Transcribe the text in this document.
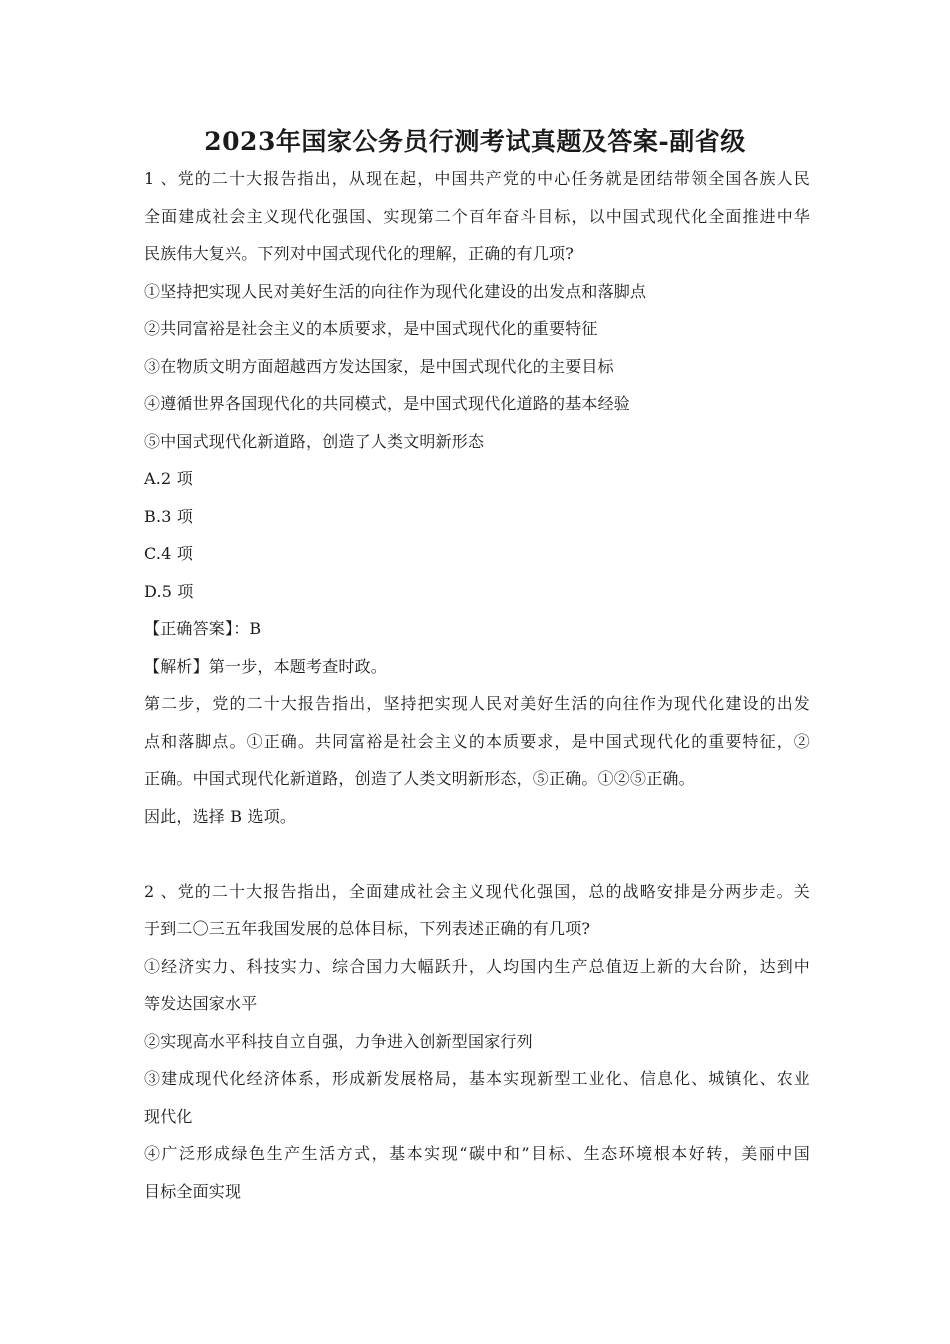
2023年国家公务员行测考试真题及答案-副省级
1 、党的二十大报告指出，从现在起，中国共产党的中心任务就是团结带领全国各族人民
全面建成社会主义现代化强国、实现第二个百年奋斗目标，以中国式现代化全面推进中华
民族伟大复兴。下列对中国式现代化的理解，正确的有几项?
①坚持把实现人民对美好生活的向往作为现代化建设的出发点和落脚点
②共同富裕是社会主义的本质要求，是中国式现代化的重要特征
③在物质文明方面超越西方发达国家，是中国式现代化的主要目标
④遵循世界各国现代化的共同模式，是中国式现代化道路的基本经验
⑤中国式现代化新道路，创造了人类文明新形态
A.2 项
B.3 项
C.4 项
D.5 项
【正确答案】：B
【解析】第一步，本题考查时政。
第二步，党的二十大报告指出，坚持把实现人民对美好生活的向往作为现代化建设的出发
点和落脚点。①正确。共同富裕是社会主义的本质要求，是中国式现代化的重要特征，②
正确。中国式现代化新道路，创造了人类文明新形态，⑤正确。①②⑤正确。
因此，选择 B 选项。
2 、党的二十大报告指出，全面建成社会主义现代化强国，总的战略安排是分两步走。关
于到二〇三五年我国发展的总体目标，下列表述正确的有几项?
①经济实力、科技实力、综合国力大幅跃升，人均国内生产总值迈上新的大台阶，达到中
等发达国家水平
②实现高水平科技自立自强，力争进入创新型国家行列
③建成现代化经济体系，形成新发展格局，基本实现新型工业化、信息化、城镇化、农业
现代化
④广泛形成绿色生产生活方式，基本实现“碳中和”目标、生态环境根本好转，美丽中国
目标全面实现
